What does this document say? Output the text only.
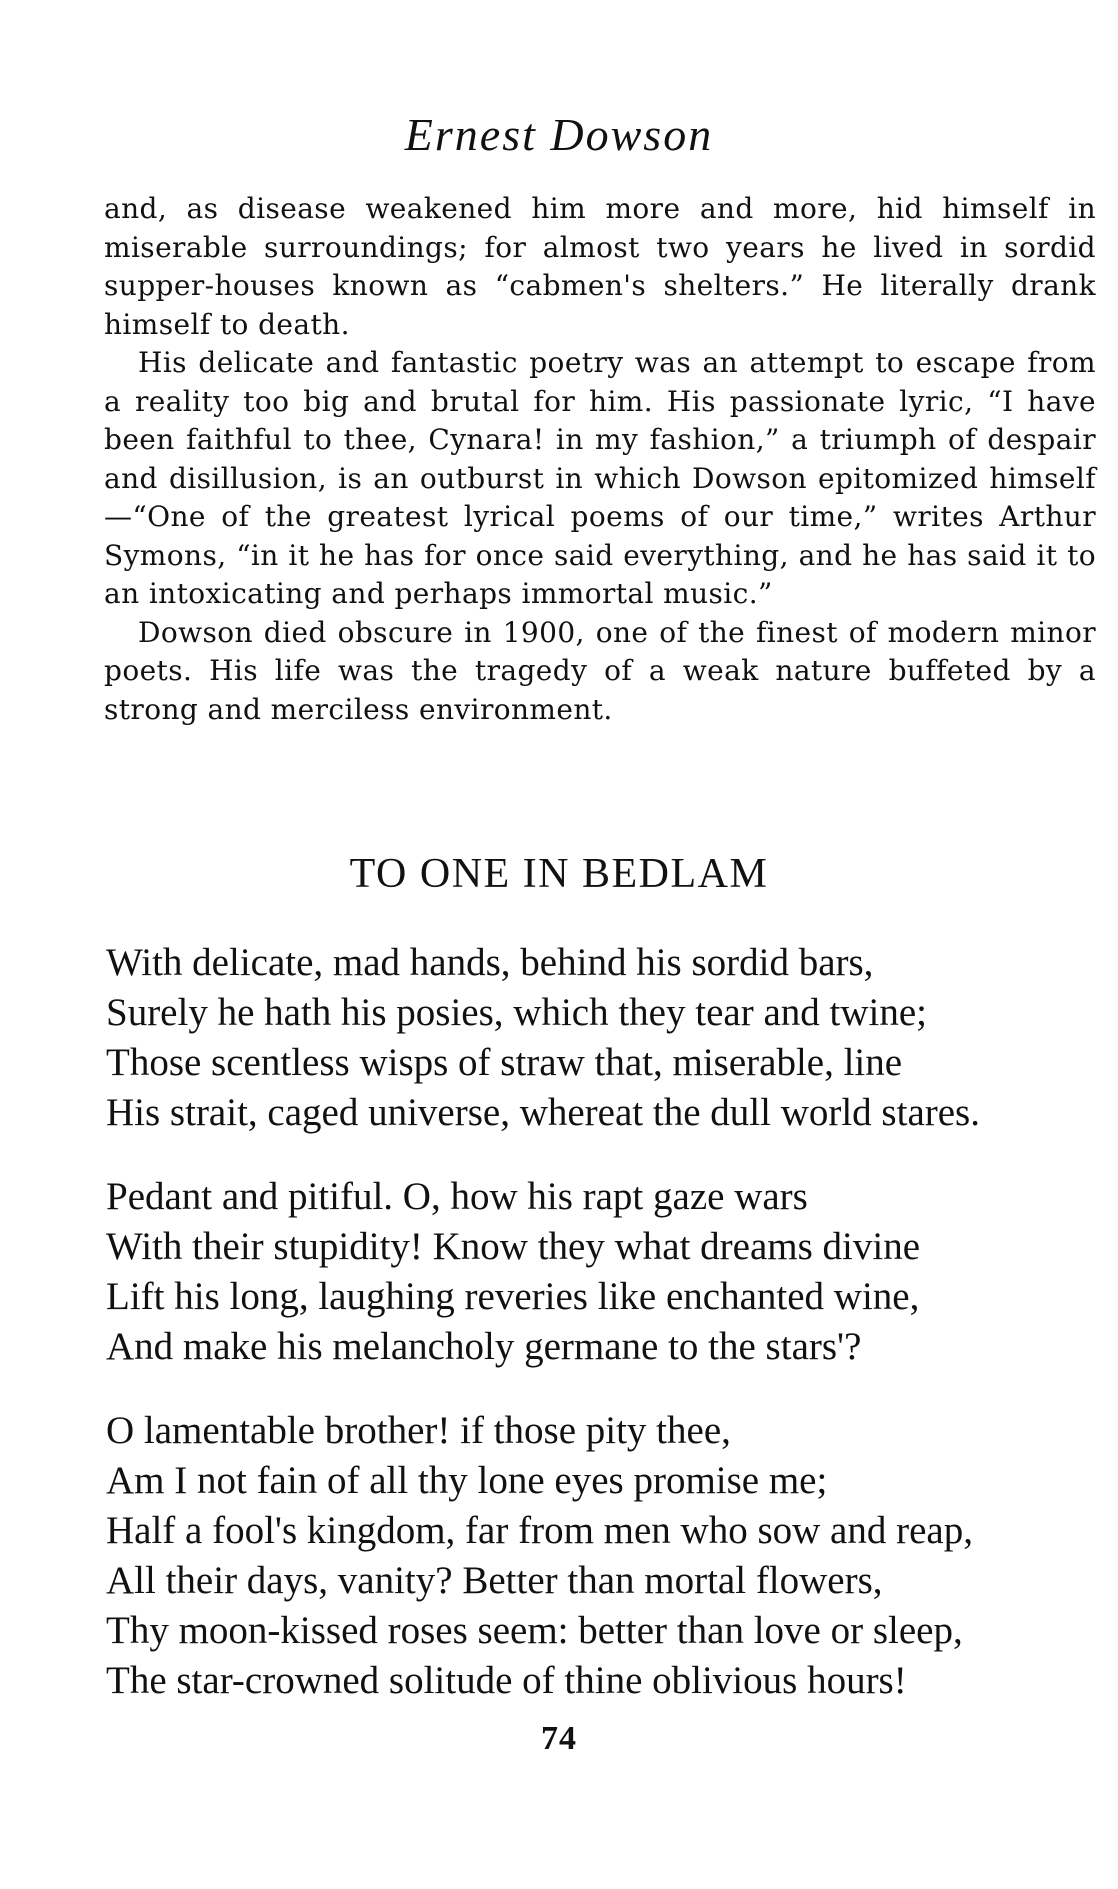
Ernest Dowson

and, as disease weakened him more and more, hid himself in miserable surroundings; for almost two years he lived in sordid supper-houses known as “cabmen's shelters.” He literally drank himself to death.

His delicate and fantastic poetry was an attempt to escape from a reality too big and brutal for him. His passionate lyric, “I have been faithful to thee, Cynara! in my fashion,” a triumph of despair and disillusion, is an outburst in which Dowson epitomized himself—“One of the greatest lyrical poems of our time,” writes Arthur Symons, “in it he has for once said everything, and he has said it to an intoxicating and perhaps immortal music.”

Dowson died obscure in 1900, one of the finest of modern minor poets. His life was the tragedy of a weak nature buffeted by a strong and merciless environment.

TO ONE IN BEDLAM
With delicate, mad hands, behind his sordid bars,
Surely he hath his posies, which they tear and twine;
Those scentless wisps of straw that, miserable, line
His strait, caged universe, whereat the dull world stares.
Pedant and pitiful. O, how his rapt gaze wars
With their stupidity! Know they what dreams divine
Lift his long, laughing reveries like enchanted wine,
And make his melancholy germane to the stars'?
O lamentable brother! if those pity thee,
Am I not fain of all thy lone eyes promise me;
Half a fool's kingdom, far from men who sow and reap,
All their days, vanity? Better than mortal flowers,
Thy moon-kissed roses seem: better than love or sleep,
The star-crowned solitude of thine oblivious hours!
74
